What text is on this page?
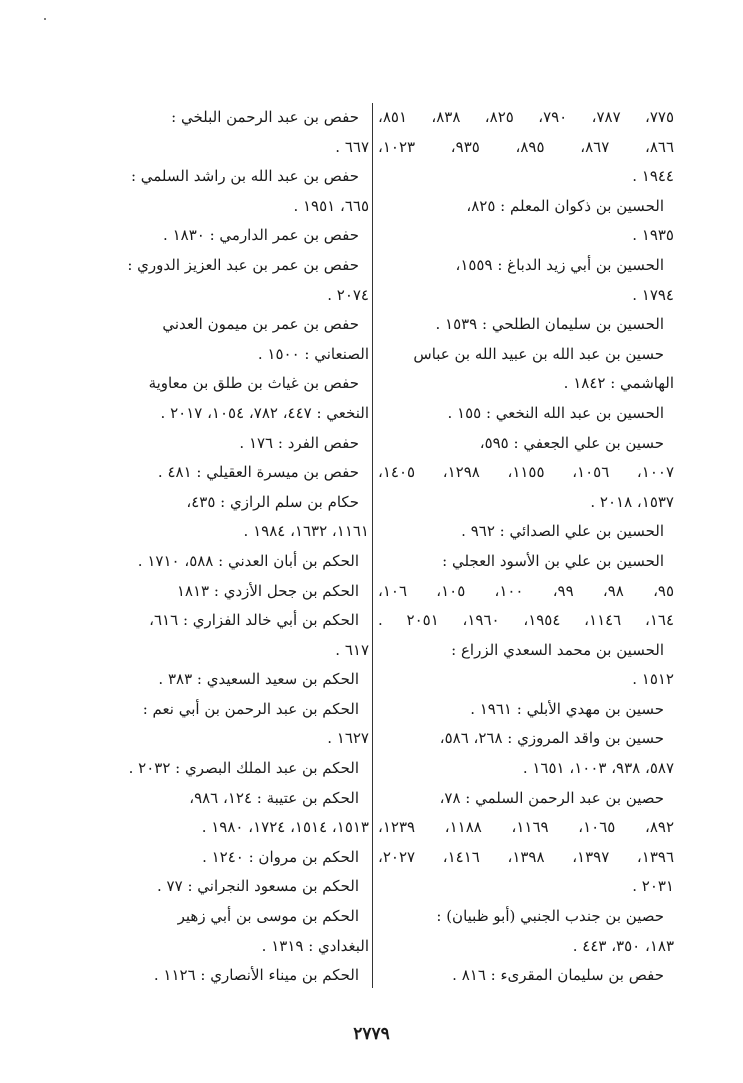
٧٧٥، ٧٨٧، ٧٩٠، ٨٢٥، ٨٣٨، ٨٥١،
٨٦٦، ٨٦٧، ٨٩٥، ٩٣٥، ١٠٢٣،
١٩٤٤ .
الحسين بن ذكوان المعلم : ٨٢٥،
١٩٣٥ .
الحسين بن أبي زيد الدباغ : ١٥٥٩،
١٧٩٤ .
الحسين بن سليمان الطلحي : ١٥٣٩ .
حسين بن عبد الله بن عبيد الله بن عباس
الهاشمي : ١٨٤٢ .
الحسين بن عبد الله النخعي : ١٥٥ .
حسين بن علي الجعفي : ٥٩٥،
١٠٠٧، ١٠٥٦، ١١٥٥، ١٢٩٨، ١٤٠٥،
١٥٣٧، ٢٠١٨ .
الحسين بن علي الصدائي : ٩٦٢ .
الحسين بن علي بن الأسود العجلي :
٩٥، ٩٨، ٩٩، ١٠٠، ١٠٥، ١٠٦،
١٦٤، ١١٤٦، ١٩٥٤، ١٩٦٠، ٢٠٥١ .
الحسين بن محمد السعدي الزراع :
١٥١٢ .
حسين بن مهدي الأبلي : ١٩٦١ .
حسين بن واقد المروزي : ٢٦٨، ٥٨٦،
٥٨٧، ٩٣٨، ١٠٠٣، ١٦٥١ .
حصين بن عبد الرحمن السلمي : ٧٨،
٨٩٢، ١٠٦٥، ١١٦٩، ١١٨٨، ١٢٣٩،
١٣٩٦، ١٣٩٧، ١٣٩٨، ١٤١٦، ٢٠٢٧،
٢٠٣١ .
حصين بن جندب الجنبي (أبو ظبيان) :
١٨٣، ٣٥٠، ٤٤٣ .
حفص بن سليمان المقرىء : ٨١٦ .
حفص بن عبد الرحمن البلخي :
٦٦٧ .
حفص بن عبد الله بن راشد السلمي :
٦٦٥، ١٩٥١ .
حفص بن عمر الدارمي : ١٨٣٠ .
حفص بن عمر بن عبد العزيز الدوري :
٢٠٧٤ .
حفص بن عمر بن ميمون العدني
الصنعاني : ١٥٠٠ .
حفص بن غياث بن طلق بن معاوية
النخعي : ٤٤٧، ٧٨٢، ١٠٥٤، ٢٠١٧ .
حفص الفرد : ١٧٦ .
حفص بن ميسرة العقيلي : ٤٨١ .
حكام بن سلم الرازي : ٤٣٥،
١١٦١، ١٦٣٢، ١٩٨٤ .
الحكم بن أبان العدني : ٥٨٨، ١٧١٠ .
الحكم بن جحل الأزدي : ١٨١٣
الحكم بن أبي خالد الفزاري : ٦١٦،
٦١٧ .
الحكم بن سعيد السعيدي : ٣٨٣ .
الحكم بن عبد الرحمن بن أبي نعم :
١٦٢٧ .
الحكم بن عبد الملك البصري : ٢٠٣٢ .
الحكم بن عتيبة : ١٢٤، ٩٨٦،
١٥١٣، ١٥١٤، ١٧٢٤، ١٩٨٠ .
الحكم بن مروان : ١٢٤٠ .
الحكم بن مسعود النجراني : ٧٧ .
الحكم بن موسى بن أبي زهير
البغدادي : ١٣١٩ .
الحكم بن ميناء الأنصاري : ١١٢٦ .
٢٧٧٩
